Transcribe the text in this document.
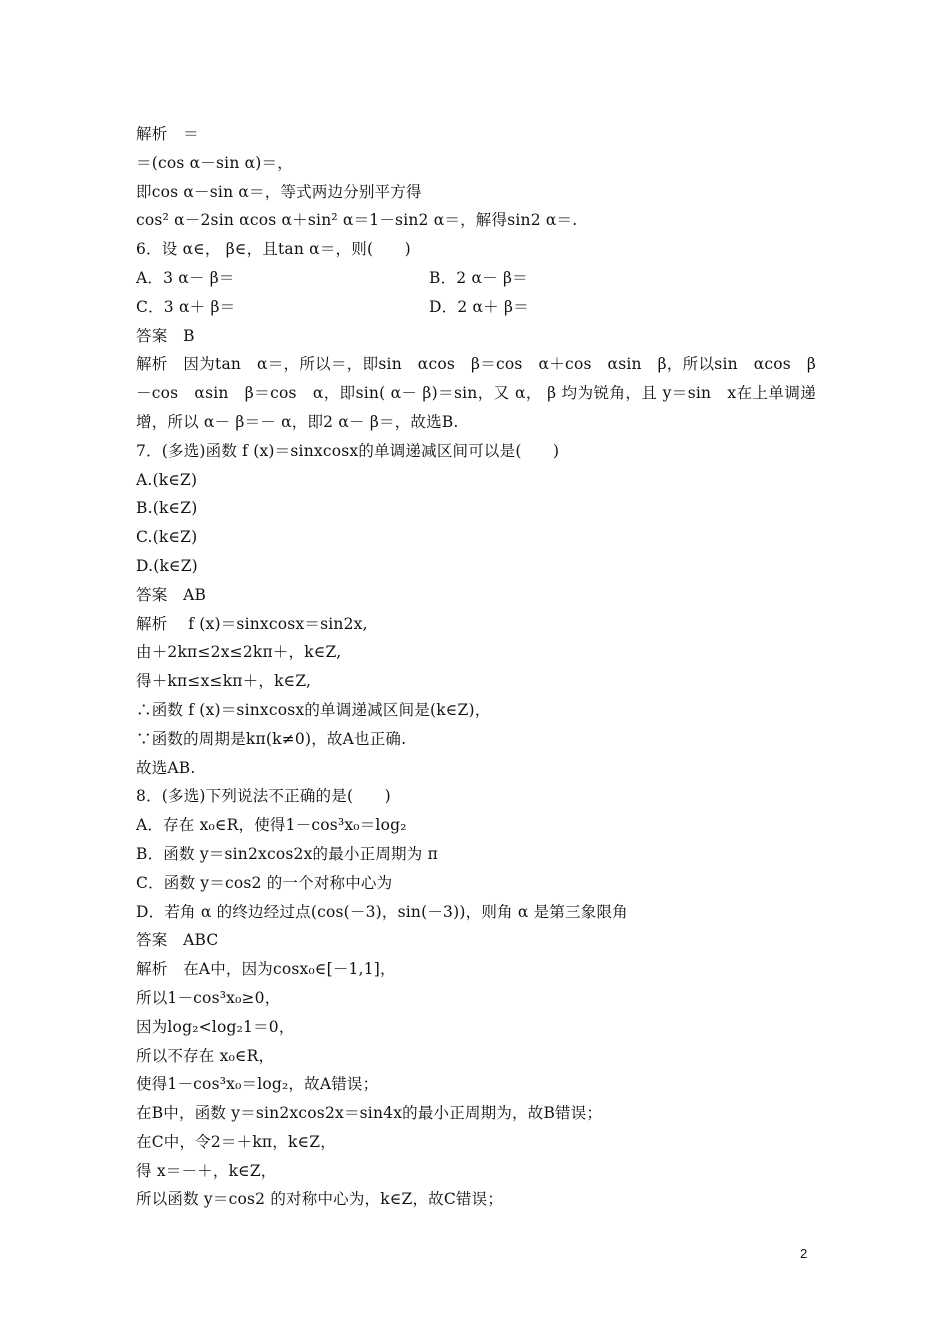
解析　＝
＝(cos α－sin α)＝，
即cos α－sin α＝，等式两边分别平方得
cos² α－2sin αcos α＋sin² α＝1－sin2 α＝，解得sin2 α＝.
6．设 α∈， β∈，且tan α＝，则(　　)
A．3 α－ β＝	B．2 α－ β＝
C．3 α＋ β＝	D．2 α＋ β＝
答案　B
解析　因为tan　α＝，所以＝，即sin　αcos　β＝cos　α＋cos　αsin　β，所以sin　αcos　β－cos　αsin　β＝cos　α，即sin( α－ β)＝sin，又 α， β 均为锐角，且 y＝sin　x在上单调递增，所以 α－ β＝－ α，即2 α－ β＝，故选B.
7．(多选)函数 f (x)＝sinxcosx的单调递减区间可以是(　　)
A.(k∈Z)
B.(k∈Z)
C.(k∈Z)
D.(k∈Z)
答案　AB
解析　 f (x)＝sinxcosx＝sin2x,
由＋2kπ≤2x≤2kπ＋，k∈Z,
得＋kπ≤x≤kπ＋，k∈Z,
∴函数 f (x)＝sinxcosx的单调递减区间是(k∈Z)，
∵函数的周期是kπ(k≠0)，故A也正确.
故选AB.
8．(多选)下列说法不正确的是(　　)
A．存在 x₀∈R，使得1－cos³x₀＝log₂
B．函数 y＝sin2xcos2x的最小正周期为 π
C．函数 y＝cos2 的一个对称中心为
D．若角 α 的终边经过点(cos(－3)，sin(－3))，则角 α 是第三象限角
答案　ABC
解析　在A中，因为cosx₀∈[－1,1]，
所以1－cos³x₀≥0，
因为log₂<log₂1＝0，
所以不存在 x₀∈R，
使得1－cos³x₀＝log₂，故A错误；
在B中，函数 y＝sin2xcos2x＝sin4x的最小正周期为，故B错误；
在C中，令2＝＋kπ，k∈Z，
得 x＝－＋，k∈Z，
所以函数 y＝cos2 的对称中心为，k∈Z，故C错误；
2
